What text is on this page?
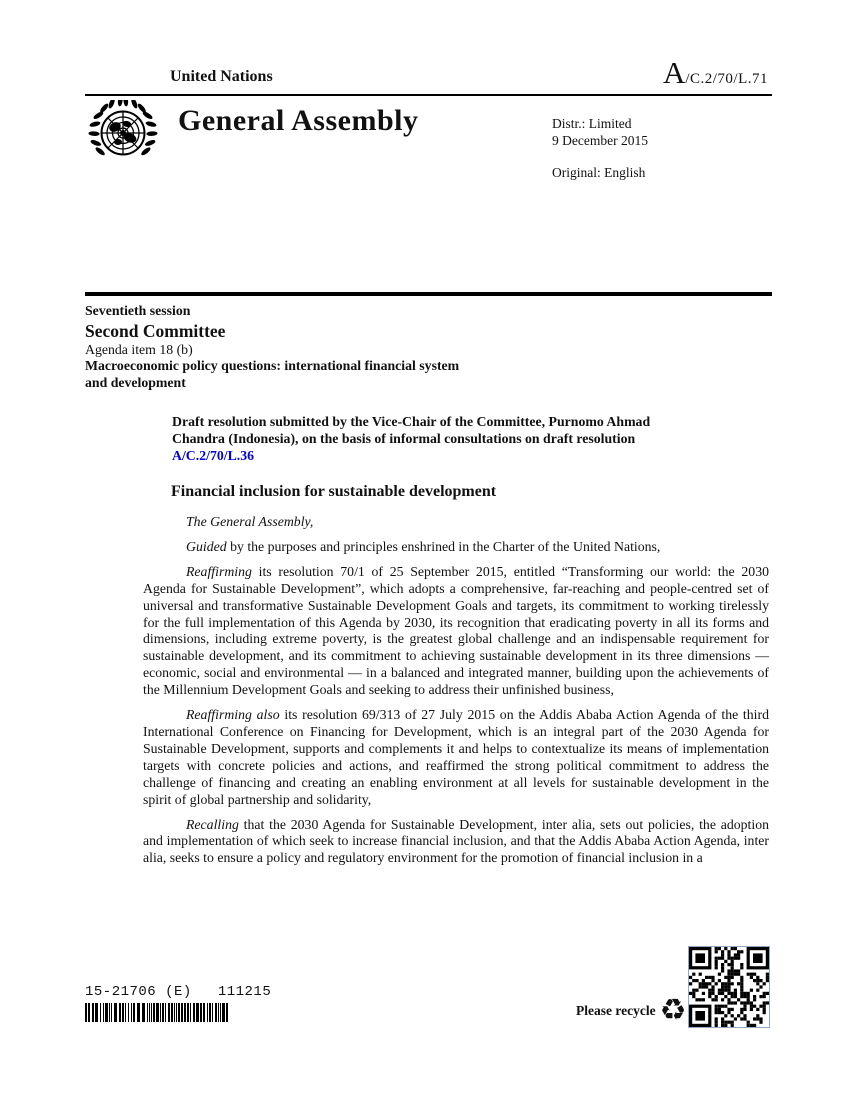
United Nations	A /C.2/70/L.71
General Assembly	Distr.: Limited
9 December 2015
Original: English
Seventieth session
Second Committee
Agenda item 18 (b)
Macroeconomic policy questions: international financial system
and development
Draft resolution submitted by the Vice-Chair of the Committee, Purnomo Ahmad Chandra (Indonesia), on the basis of informal consultations on draft resolution A/C.2/70/L.36
Financial inclusion for sustainable development

The General Assembly,

Guided by the purposes and principles enshrined in the Charter of the United Nations,

Reaffirming its resolution 70/1 of 25 September 2015, entitled “Transforming our world: the 2030 Agenda for Sustainable Development”, which adopts a comprehensive, far-reaching and people-centred set of universal and transformative Sustainable Development Goals and targets, its commitment to working tirelessly for the full implementation of this Agenda by 2030, its recognition that eradicating poverty in all its forms and dimensions, including extreme poverty, is the greatest global challenge and an indispensable requirement for sustainable development, and its commitment to achieving sustainable development in its three dimensions — economic, social and environmental — in a balanced and integrated manner, building upon the achievements of the Millennium Development Goals and seeking to address their unfinished business,

Reaffirming also its resolution 69/313 of 27 July 2015 on the Addis Ababa Action Agenda of the third International Conference on Financing for Development, which is an integral part of the 2030 Agenda for Sustainable Development, supports and complements it and helps to contextualize its means of implementation targets with concrete policies and actions, and reaffirmed the strong political commitment to address the challenge of financing and creating an enabling environment at all levels for sustainable development in the spirit of global partnership and solidarity,

Recalling that the 2030 Agenda for Sustainable Development, inter alia, sets out policies, the adoption and implementation of which seek to increase financial inclusion, and that the Addis Ababa Action Agenda, inter alia, seeks to ensure a policy and regulatory environment for the promotion of financial inclusion in a

15-21706 (E) 111215
Please recycle ♻
